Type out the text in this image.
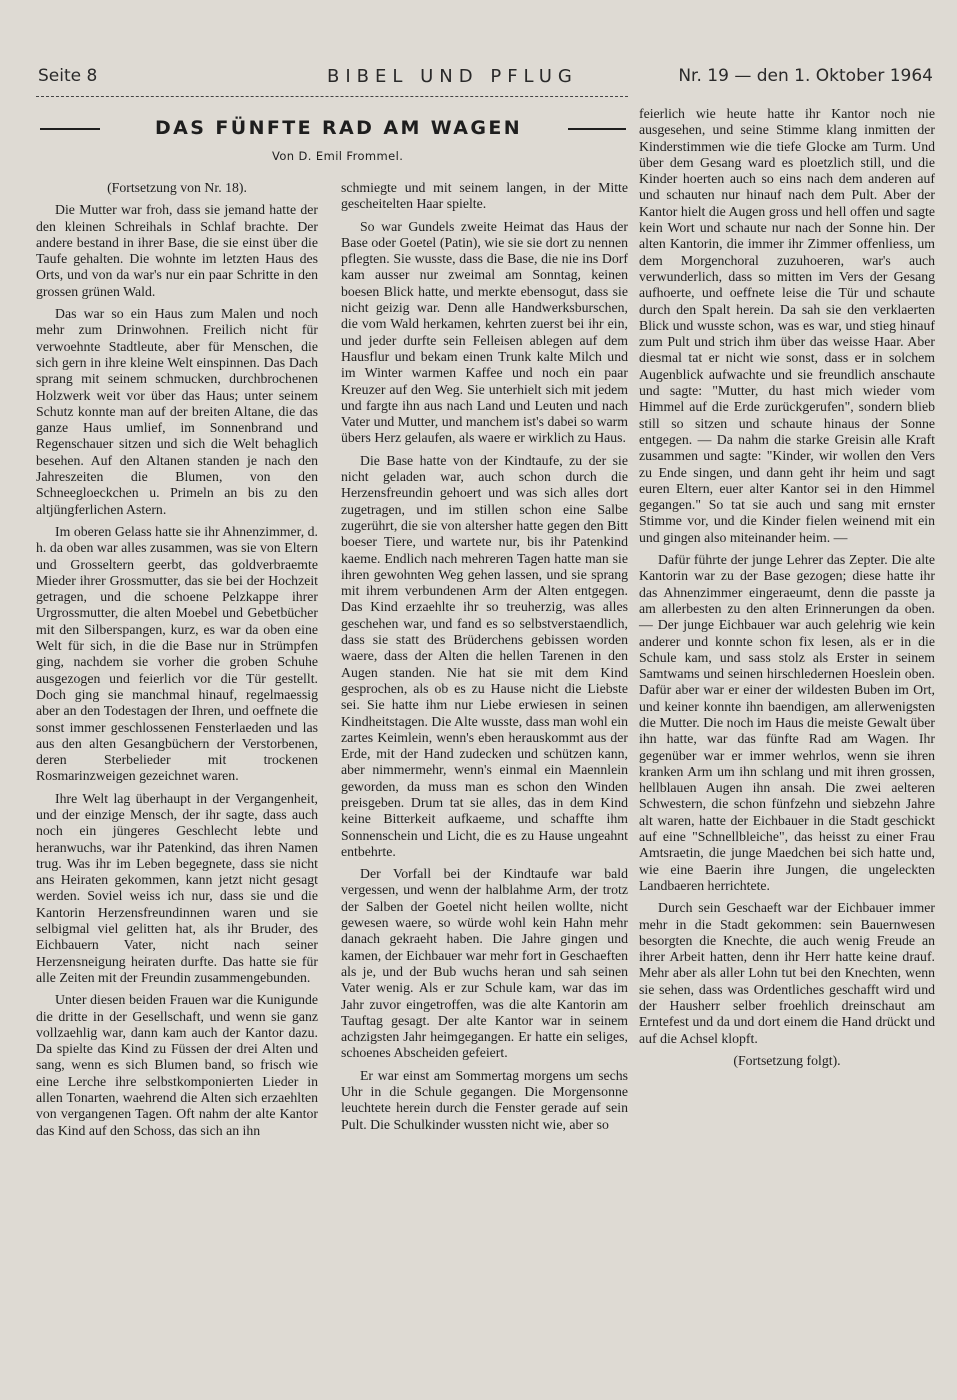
Seite 8	BIBEL UND PFLUG	Nr. 19 — den 1. Oktober 1964
DAS FÜNFTE RAD AM WAGEN
Von D. Emil Frommel.

(Fortsetzung von Nr. 18).

Die Mutter war froh, dass sie jemand hatte der den kleinen Schreihals in Schlaf brachte. Der andere bestand in ihrer Base, die sie einst über die Taufe gehalten. Die wohnte im letzten Haus des Orts, und von da war's nur ein paar Schritte in den grossen grünen Wald.

Das war so ein Haus zum Malen und noch mehr zum Drinwohnen. Freilich nicht für verwoehnte Stadtleute, aber für Menschen, die sich gern in ihre kleine Welt einspinnen. Das Dach sprang mit seinem schmucken, durchbrochenen Holzwerk weit vor über das Haus; unter seinem Schutz konnte man auf der breiten Altane, die das ganze Haus umlief, im Sonnenbrand und Regenschauer sitzen und sich die Welt behaglich besehen. Auf den Altanen standen je nach den Jahreszeiten die Blumen, von den Schneegloeckchen u. Primeln an bis zu den altjüngferlichen Astern.

Im oberen Gelass hatte sie ihr Ahnenzimmer, d. h. da oben war alles zusammen, was sie von Eltern und Grosseltern geerbt, das goldverbraemte Mieder ihrer Grossmutter, das sie bei der Hochzeit getragen, und die schoene Pelzkappe ihrer Urgrossmutter, die alten Moebel und Gebetbücher mit den Silberspangen, kurz, es war da oben eine Welt für sich, in die die Base nur in Strümpfen ging, nachdem sie vorher die groben Schuhe ausgezogen und feierlich vor die Tür gestellt. Doch ging sie manchmal hinauf, regelmaessig aber an den Todestagen der Ihren, und oeffnete die sonst immer geschlossenen Fensterlaeden und las aus den alten Gesangbüchern der Verstorbenen, deren Sterbelieder mit trockenen Rosmarinzweigen gezeichnet waren.

Ihre Welt lag überhaupt in der Vergangenheit, und der einzige Mensch, der ihr sagte, dass auch noch ein jüngeres Geschlecht lebte und heranwuchs, war ihr Patenkind, das ihren Namen trug. Was ihr im Leben begegnete, dass sie nicht ans Heiraten gekommen, kann jetzt nicht gesagt werden. Soviel weiss ich nur, dass sie und die Kantorin Herzensfreundinnen waren und sie selbigmal viel gelitten hat, als ihr Bruder, des Eichbauern Vater, nicht nach seiner Herzensneigung heiraten durfte. Das hatte sie für alle Zeiten mit der Freundin zusammengebunden.

Unter diesen beiden Frauen war die Kunigunde die dritte in der Gesellschaft, und wenn sie ganz vollzaehlig war, dann kam auch der Kantor dazu. Da spielte das Kind zu Füssen der drei Alten und sang, wenn es sich Blumen band, so frisch wie eine Lerche ihre selbstkomponierten Lieder in allen Tonarten, waehrend die Alten sich erzaehlten von vergangenen Tagen. Oft nahm der alte Kantor das Kind auf den Schoss, das sich an ihn

schmiegte und mit seinem langen, in der Mitte gescheitelten Haar spielte.

So war Gundels zweite Heimat das Haus der Base oder Goetel (Patin), wie sie sie dort zu nennen pflegten. Sie wusste, dass die Base, die nie ins Dorf kam ausser nur zweimal am Sonntag, keinen boesen Blick hatte, und merkte ebensogut, dass sie nicht geizig war. Denn alle Handwerksburschen, die vom Wald herkamen, kehrten zuerst bei ihr ein, und jeder durfte sein Felleisen ablegen auf dem Hausflur und bekam einen Trunk kalte Milch und im Winter warmen Kaffee und noch ein paar Kreuzer auf den Weg. Sie unterhielt sich mit jedem und fargte ihn aus nach Land und Leuten und nach Vater und Mutter, und manchem ist's dabei so warm übers Herz gelaufen, als waere er wirklich zu Haus.

Die Base hatte von der Kindtaufe, zu der sie nicht geladen war, auch schon durch die Herzensfreundin gehoert und was sich alles dort zugetragen, und im stillen schon eine Salbe zugerührt, die sie von altersher hatte gegen den Bitt boeser Tiere, und wartete nur, bis ihr Patenkind kaeme. Endlich nach mehreren Tagen hatte man sie ihren gewohnten Weg gehen lassen, und sie sprang mit ihrem verbundenen Arm der Alten entgegen. Das Kind erzaehlte ihr so treuherzig, was alles geschehen war, und fand es so selbstverstaendlich, dass sie statt des Brüderchens gebissen worden waere, dass der Alten die hellen Tarenen in den Augen standen. Nie hat sie mit dem Kind gesprochen, als ob es zu Hause nicht die Liebste sei. Sie hatte ihm nur Liebe erwiesen in seinen Kindheitstagen. Die Alte wusste, dass man wohl ein zartes Keimlein, wenn's eben herauskommt aus der Erde, mit der Hand zudecken und schützen kann, aber nimmermehr, wenn's einmal ein Maennlein geworden, da muss man es schon den Winden preisgeben. Drum tat sie alles, das in dem Kind keine Bitterkeit aufkaeme, und schaffte ihm Sonnenschein und Licht, die es zu Hause ungeahnt entbehrte.

Der Vorfall bei der Kindtaufe war bald vergessen, und wenn der halblahme Arm, der trotz der Salben der Goetel nicht heilen wollte, nicht gewesen waere, so würde wohl kein Hahn mehr danach gekraeht haben. Die Jahre gingen und kamen, der Eichbauer war mehr fort in Geschaeften als je, und der Bub wuchs heran und sah seinen Vater wenig. Als er zur Schule kam, war das im Jahr zuvor eingetroffen, was die alte Kantorin am Tauftag gesagt. Der alte Kantor war in seinem achzigsten Jahr heimgegangen. Er hatte ein seliges, schoenes Abscheiden gefeiert.

Er war einst am Sommertag morgens um sechs Uhr in die Schule gegangen. Die Morgensonne leuchtete herein durch die Fenster gerade auf sein Pult. Die Schulkinder wussten nicht wie, aber so

feierlich wie heute hatte ihr Kantor noch nie ausgesehen, und seine Stimme klang inmitten der Kinderstimmen wie die tiefe Glocke am Turm. Und über dem Gesang ward es ploetzlich still, und die Kinder hoerten auch so eins nach dem anderen auf und schauten nur hinauf nach dem Pult. Aber der Kantor hielt die Augen gross und hell offen und sagte kein Wort und schaute nur nach der Sonne hin. Der alten Kantorin, die immer ihr Zimmer offenliess, um dem Morgenchoral zuzuhoeren, war's auch verwunderlich, dass so mitten im Vers der Gesang aufhoerte, und oeffnete leise die Tür und schaute durch den Spalt herein. Da sah sie den verklaerten Blick und wusste schon, was es war, und stieg hinauf zum Pult und strich ihm über das weisse Haar. Aber diesmal tat er nicht wie sonst, dass er in solchem Augenblick aufwachte und sie freundlich anschaute und sagte: "Mutter, du hast mich wieder vom Himmel auf die Erde zurückgerufen", sondern blieb still so sitzen und schaute hinaus der Sonne entgegen. — Da nahm die starke Greisin alle Kraft zusammen und sagte: "Kinder, wir wollen den Vers zu Ende singen, und dann geht ihr heim und sagt euren Eltern, euer alter Kantor sei in den Himmel gegangen." So tat sie auch und sang mit ernster Stimme vor, und die Kinder fielen weinend mit ein und gingen also miteinander heim. —

Dafür führte der junge Lehrer das Zepter. Die alte Kantorin war zu der Base gezogen; diese hatte ihr das Ahnenzimmer eingeraeumt, denn die passte ja am allerbesten zu den alten Erinnerungen da oben. — Der junge Eichbauer war auch gelehrig wie kein anderer und konnte schon fix lesen, als er in die Schule kam, und sass stolz als Erster in seinem Samtwams und seinen hirschledernen Hoeslein oben. Dafür aber war er einer der wildesten Buben im Ort, und keiner konnte ihn baendigen, am allerwenigsten die Mutter. Die noch im Haus die meiste Gewalt über ihn hatte, war das fünfte Rad am Wagen. Ihr gegenüber war er immer wehrlos, wenn sie ihren kranken Arm um ihn schlang und mit ihren grossen, hellblauen Augen ihn ansah. Die zwei aelteren Schwestern, die schon fünfzehn und siebzehn Jahre alt waren, hatte der Eichbauer in die Stadt geschickt auf eine "Schnellbleiche", das heisst zu einer Frau Amtsraetin, die junge Maedchen bei sich hatte und, wie eine Baerin ihre Jungen, die ungeleckten Landbaeren herrichtete.

Durch sein Geschaeft war der Eichbauer immer mehr in die Stadt gekommen: sein Bauernwesen besorgten die Knechte, die auch wenig Freude an ihrer Arbeit hatten, denn ihr Herr hatte keine drauf. Mehr aber als aller Lohn tut bei den Knechten, wenn sie sehen, dass was Ordentliches geschafft wird und der Hausherr selber froehlich dreinschaut am Erntefest und da und dort einem die Hand drückt und auf die Achsel klopft.

(Fortsetzung folgt).
